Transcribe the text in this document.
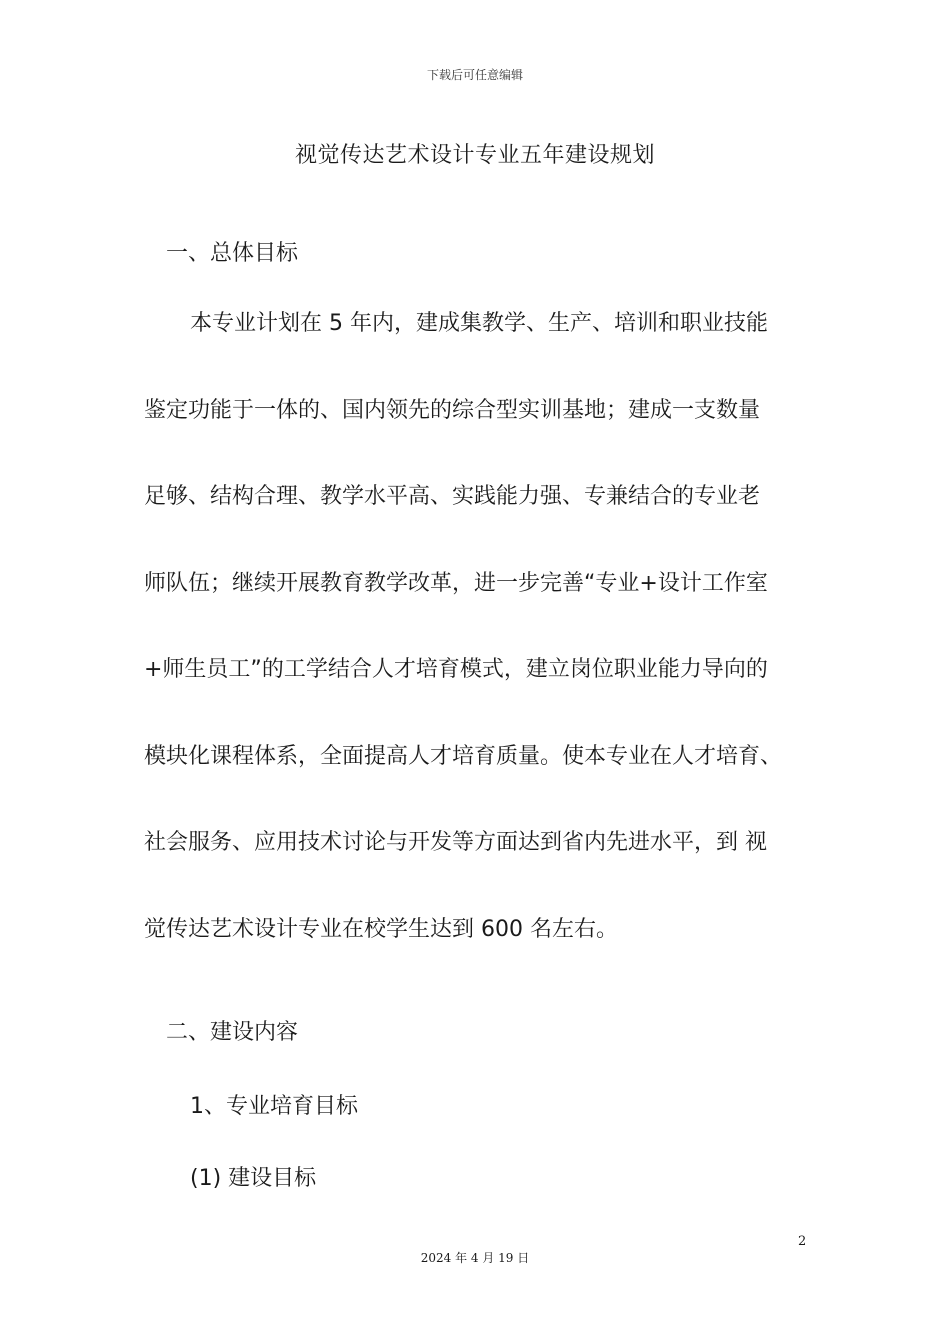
下载后可任意编辑
视觉传达艺术设计专业五年建设规划
一、总体目标
本专业计划在 5 年内，建成集教学、生产、培训和职业技能
鉴定功能于一体的、国内领先的综合型实训基地；建成一支数量
足够、结构合理、教学水平高、实践能力强、专兼结合的专业老
师队伍；继续开展教育教学改革，进一步完善“专业+设计工作室
+师生员工”的工学结合人才培育模式，建立岗位职业能力导向的
模块化课程体系，全面提高人才培育质量。使本专业在人才培育、
社会服务、应用技术讨论与开发等方面达到省内先进水平，到 视
觉传达艺术设计专业在校学生达到 600 名左右。
二、建设内容
1、专业培育目标
(1) 建设目标
2
2024 年 4 月 19 日
